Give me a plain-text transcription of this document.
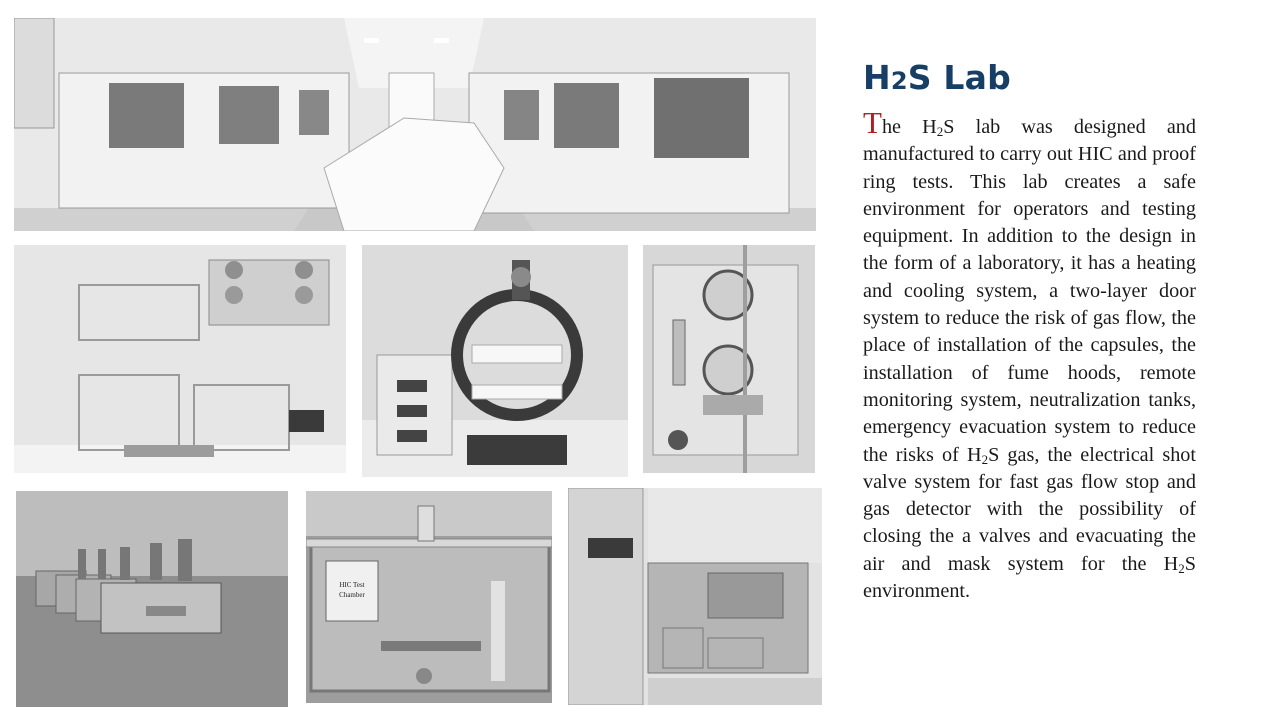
HIC Test
Chamber
H2S Lab

The $H_2S$ lab was designed and manufactured to carry out HIC and proof ring tests. This lab creates a safe environment for operators and testing equipment. In addition to the design in the form of a laboratory, it has a heating and cooling system, a two-layer door system to reduce the risk of gas flow, the place of installation of the capsules, the installation of fume hoods, remote monitoring system, neutralization tanks, emergency evacuation system to reduce the risks of $H_2S$ gas, the electrical shot valve system for fast gas flow stop and gas detector with the possibility of closing the a valves and evacuating the air and mask system for the $H_2S$ environment.
